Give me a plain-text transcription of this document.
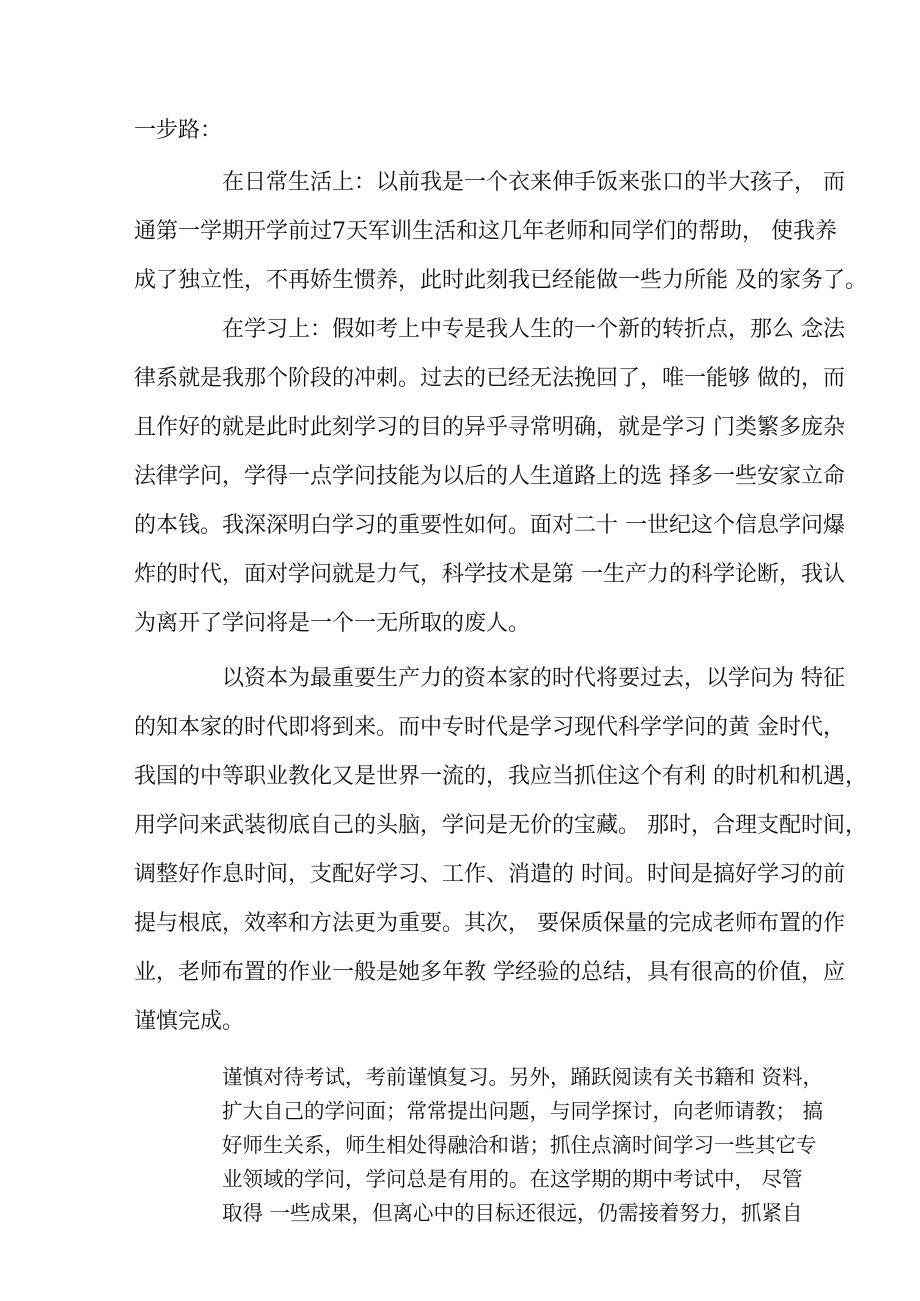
一步路：

在日常生活上：以前我是一个衣来伸手饭来张口的半大孩子， 而

通第一学期开学前过7天军训生活和这几年老师和同学们的帮助， 使我养

成了独立性，不再娇生惯养，此时此刻我已经能做一些力所能 及的家务了。

在学习上：假如考上中专是我人生的一个新的转折点，那么 念法

律系就是我那个阶段的冲刺。过去的已经无法挽回了，唯一能够 做的，而

且作好的就是此时此刻学习的目的异乎寻常明确，就是学习 门类繁多庞杂

法律学问，学得一点学问技能为以后的人生道路上的选 择多一些安家立命

的本钱。我深深明白学习的重要性如何。面对二十 一世纪这个信息学问爆

炸的时代，面对学问就是力气，科学技术是第 一生产力的科学论断，我认

为离开了学问将是一个一无所取的废人。

以资本为最重要生产力的资本家的时代将要过去，以学问为 特征

的知本家的时代即将到来。而中专时代是学习现代科学学问的黄 金时代，

我国的中等职业教化又是世界一流的，我应当抓住这个有利 的时机和机遇，

用学问来武装彻底自己的头脑，学问是无价的宝藏。 那时，合理支配时间，

调整好作息时间，支配好学习、工作、消遣的 时间。时间是搞好学习的前

提与根底，效率和方法更为重要。其次， 要保质保量的完成老师布置的作

业，老师布置的作业一般是她多年教 学经验的总结，具有很高的价值，应

谨慎完成。

谨慎对待考试，考前谨慎复习。另外，踊跃阅读有关书籍和 资料，

扩大自己的学问面；常常提出问题，与同学探讨，向老师请教； 搞

好师生关系，师生相处得融洽和谐；抓住点滴时间学习一些其它专

业领域的学问，学问总是有用的。在这学期的期中考试中， 尽管

取得 一些成果，但离心中的目标还很远，仍需接着努力，抓紧自
